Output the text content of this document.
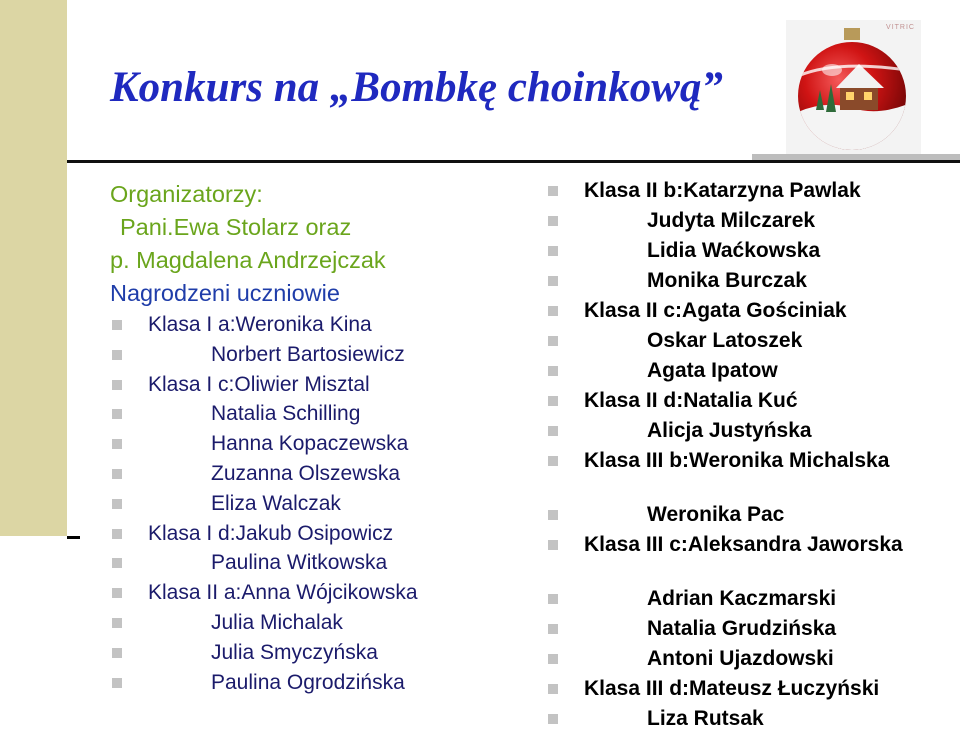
Konkurs na „Bombkę choinkową”
VITRIC
Organizatorzy:
Pani.Ewa Stolarz oraz
p. Magdalena Andrzejczak
Nagrodzeni uczniowie
Klasa I a:Weronika Kina
Norbert Bartosiewicz
Klasa I c:Oliwier Misztal
Natalia Schilling
Hanna Kopaczewska
Zuzanna Olszewska
Eliza Walczak
Klasa I d:Jakub Osipowicz
Paulina Witkowska
Klasa II a:Anna Wójcikowska
Julia Michalak
Julia Smyczyńska
Paulina Ogrodzińska
Klasa II b:Katarzyna Pawlak
Judyta Milczarek
Lidia Waćkowska
Monika Burczak
Klasa II c:Agata Gościniak
Oskar Latoszek
Agata Ipatow
Klasa II d:Natalia Kuć
Alicja Justyńska
Klasa III b:Weronika Michalska
Weronika Pac
Klasa III c:Aleksandra Jaworska
Adrian Kaczmarski
Natalia Grudzińska
Antoni Ujazdowski
Klasa III d:Mateusz Łuczyński
Liza Rutsak
